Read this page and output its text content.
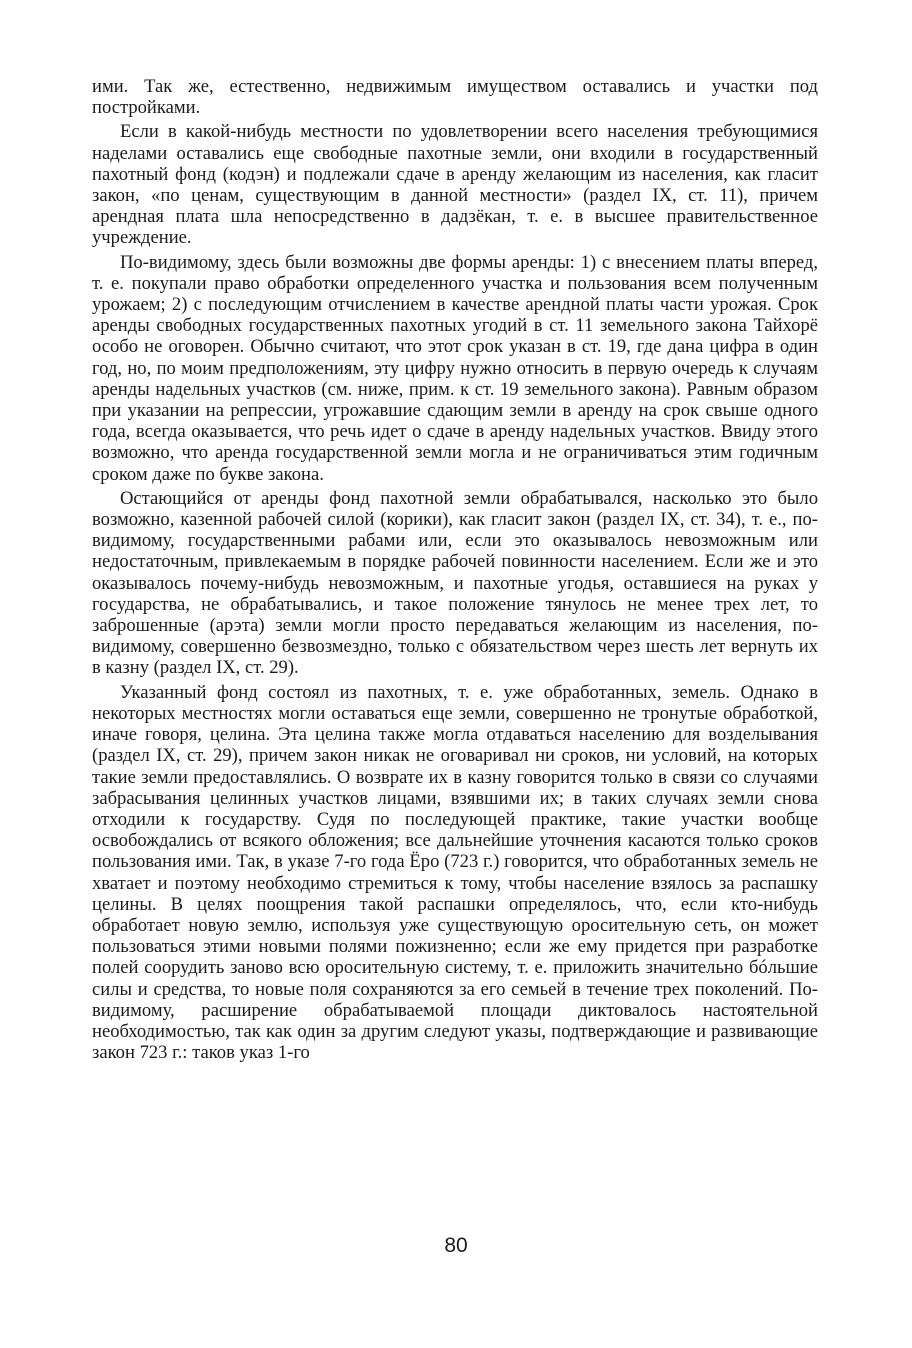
ими. Так же, естественно, недвижимым имуществом оставались и участки под постройками.

Если в какой-нибудь местности по удовлетворении всего населения требующимися наделами оставались еще свободные пахотные земли, они входили в государственный пахотный фонд (кодэн) и подлежали сдаче в аренду желающим из населения, как гласит закон, «по ценам, существующим в данной местности» (раздел IX, ст. 11), причем арендная плата шла непосредственно в дадзёкан, т. е. в высшее правительственное учреждение.

По-видимому, здесь были возможны две формы аренды: 1) с внесением платы вперед, т. е. покупали право обработки определенного участка и пользования всем полученным урожаем; 2) с последующим отчислением в качестве арендной платы части урожая. Срок аренды свободных государственных пахотных угодий в ст. 11 земельного закона Тайхорё особо не оговорен. Обычно считают, что этот срок указан в ст. 19, где дана цифра в один год, но, по моим предположениям, эту цифру нужно относить в первую очередь к случаям аренды надельных участков (см. ниже, прим. к ст. 19 земельного закона). Равным образом при указании на репрессии, угрожавшие сдающим земли в аренду на срок свыше одного года, всегда оказывается, что речь идет о сдаче в аренду надельных участков. Ввиду этого возможно, что аренда государственной земли могла и не ограничиваться этим годичным сроком даже по букве закона.

Остающийся от аренды фонд пахотной земли обрабатывался, насколько это было возможно, казенной рабочей силой (корики), как гласит закон (раздел IX, ст. 34), т. е., по-видимому, государственными рабами или, если это оказывалось невозможным или недостаточным, привлекаемым в порядке рабочей повинности населением. Если же и это оказывалось почему-нибудь невозможным, и пахотные угодья, оставшиеся на руках у государства, не обрабатывались, и такое положение тянулось не менее трех лет, то заброшенные (арэта) земли могли просто передаваться желающим из населения, по-видимому, совершенно безвозмездно, только с обязательством через шесть лет вернуть их в казну (раздел IX, ст. 29).

Указанный фонд состоял из пахотных, т. е. уже обработанных, земель. Однако в некоторых местностях могли оставаться еще земли, совершенно не тронутые обработкой, иначе говоря, целина. Эта целина также могла отдаваться населению для возделывания (раздел IX, ст. 29), причем закон никак не оговаривал ни сроков, ни условий, на которых такие земли предоставлялись. О возврате их в казну говорится только в связи со случаями забрасывания целинных участков лицами, взявшими их; в таких случаях земли снова отходили к государству. Судя по последующей практике, такие участки вообще освобождались от всякого обложения; все дальнейшие уточнения касаются только сроков пользования ими. Так, в указе 7-го года Ёро (723 г.) говорится, что обработанных земель не хватает и поэтому необходимо стремиться к тому, чтобы население взялось за распашку целины. В целях поощрения такой распашки определялось, что, если кто-нибудь обработает новую землю, используя уже существующую оросительную сеть, он может пользоваться этими новыми полями пожизненно; если же ему придется при разработке полей соорудить заново всю оросительную систему, т. е. приложить значительно бóльшие силы и средства, то новые поля сохраняются за его семьей в течение трех поколений. По-видимому, расширение обрабатываемой площади диктовалось настоятельной необходимостью, так как один за другим следуют указы, подтверждающие и развивающие закон 723 г.: таков указ 1-го

80
